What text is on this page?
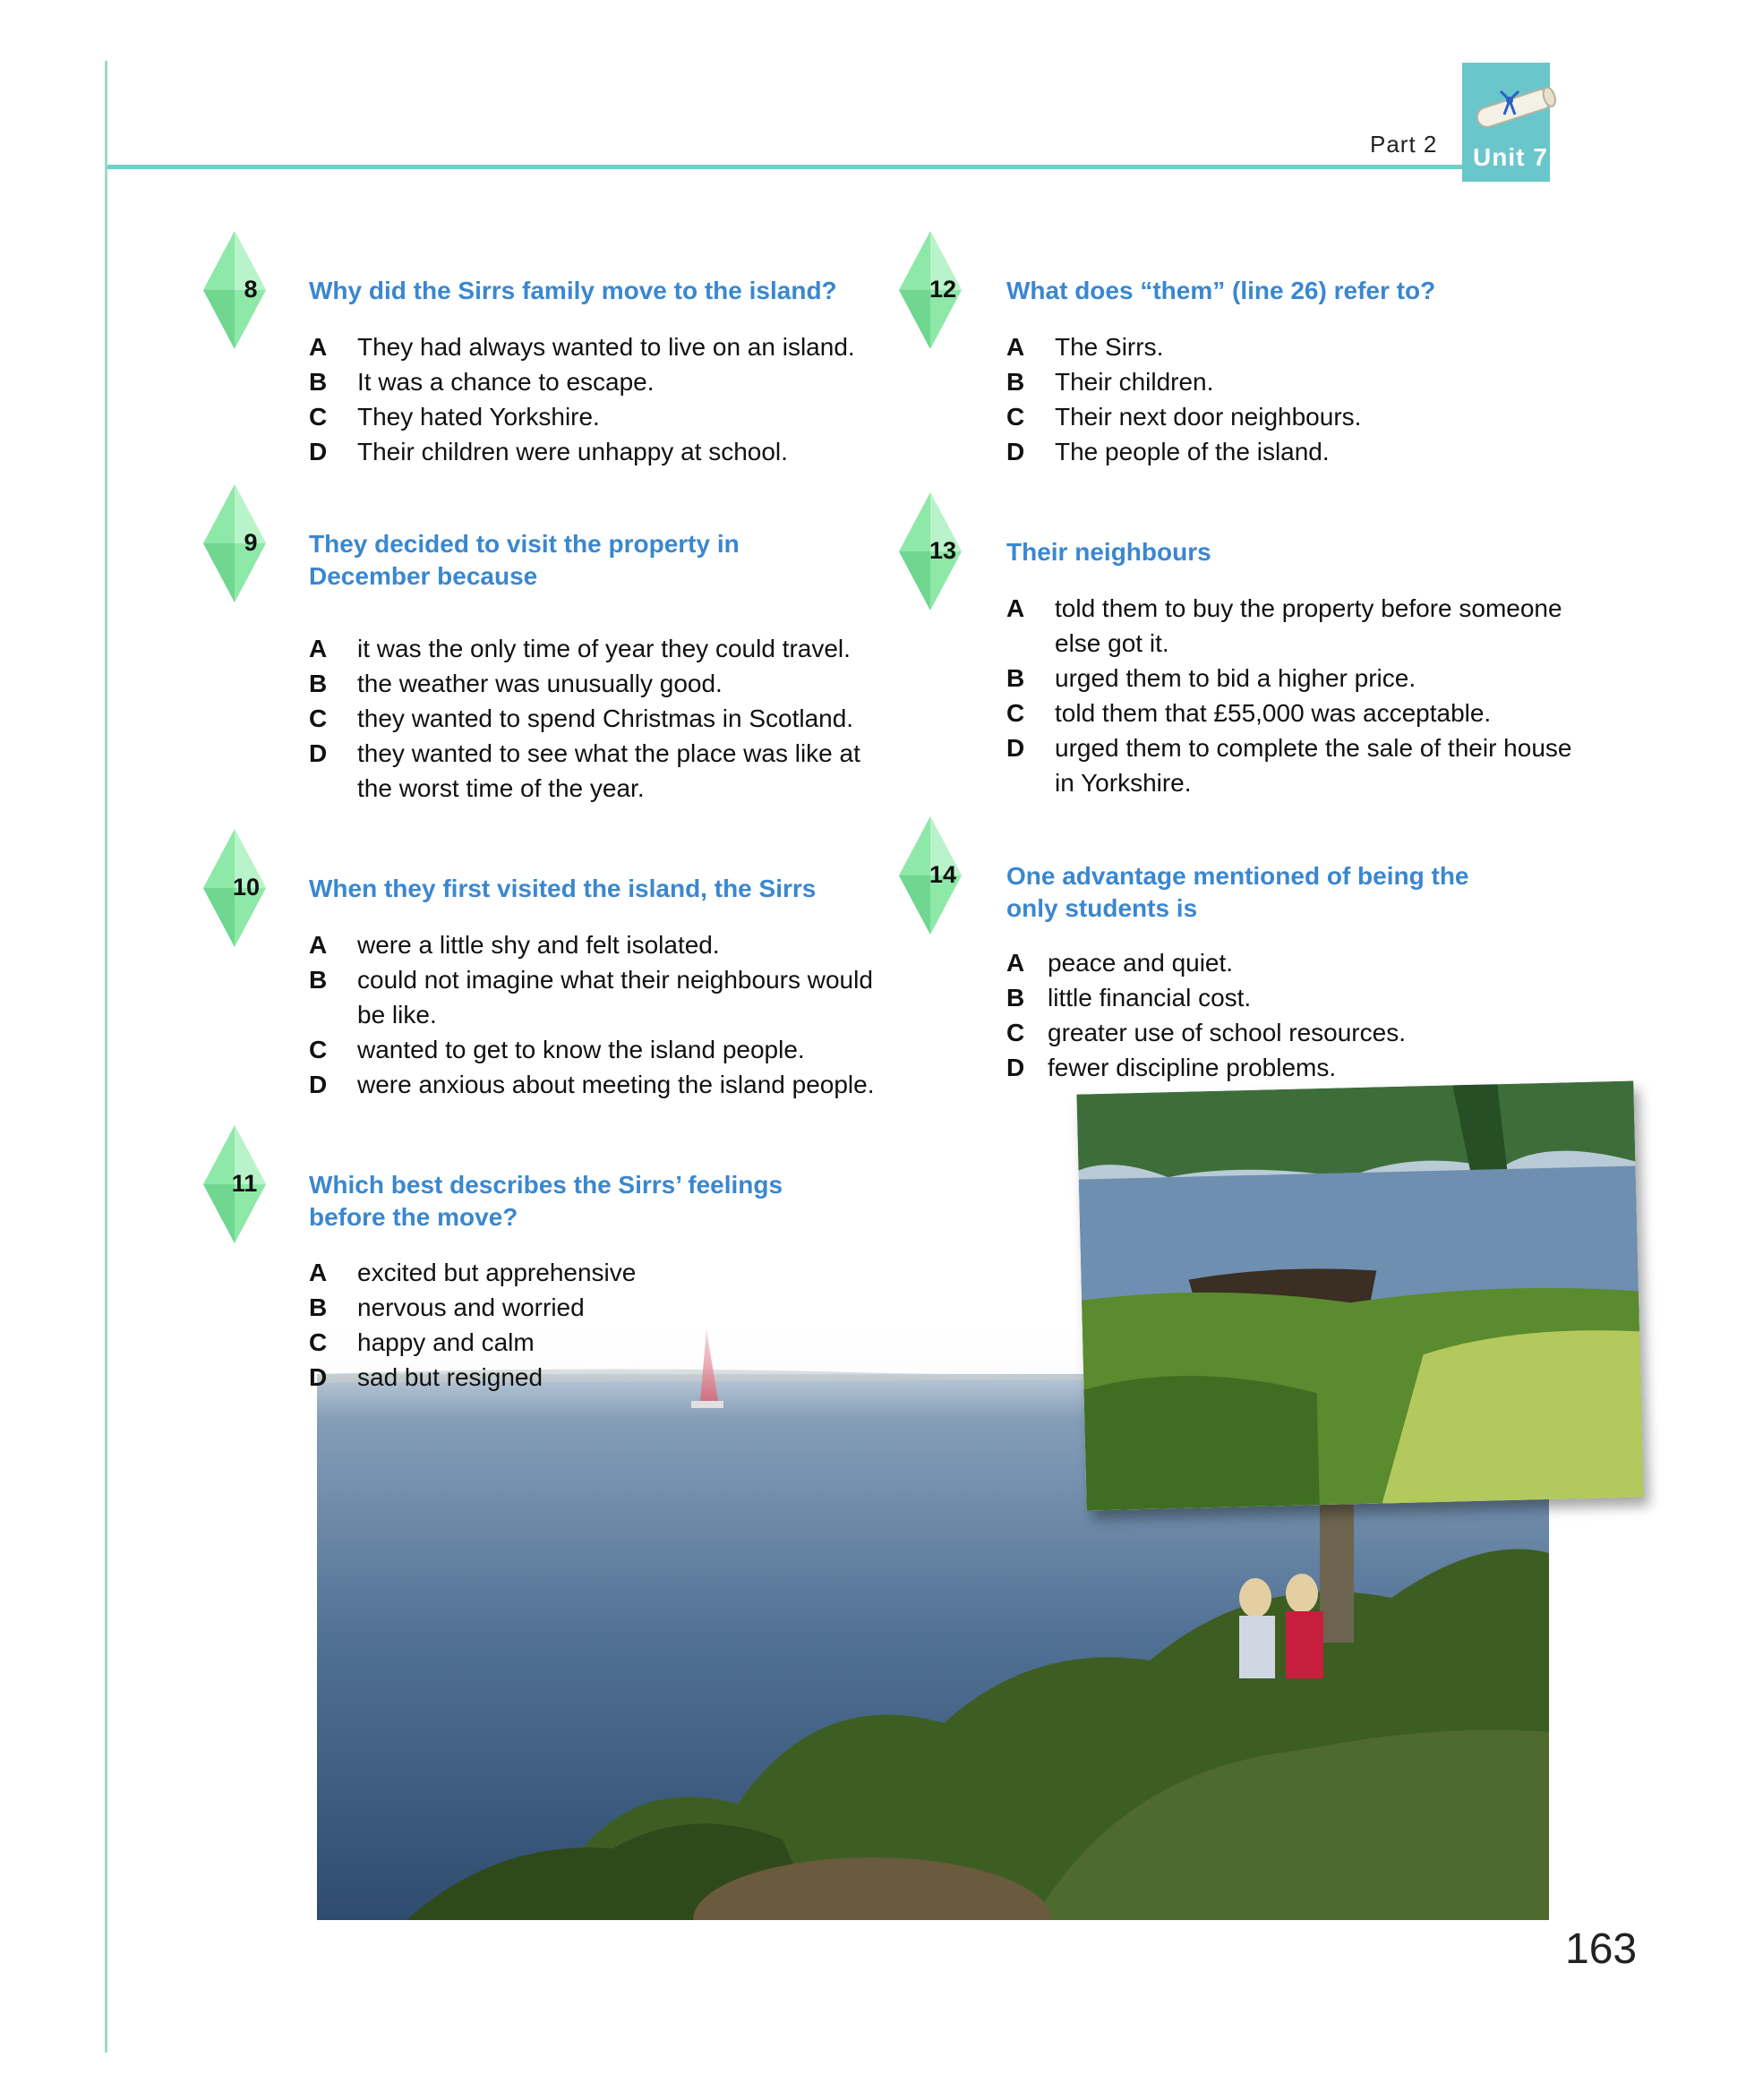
Part 2 Unit 7
8	Why did the Sirrs family move to the island?
A	They had always wanted to live on an island.
B	It was a chance to escape.
C	They hated Yorkshire.
D	Their children were unhappy at school.
9	They decided to visit the property in December because
A	it was the only time of year they could travel.
B	the weather was unusually good.
C	they wanted to spend Christmas in Scotland.
D	they wanted to see what the place was like at the worst time of the year.
10	When they first visited the island, the Sirrs
A	were a little shy and felt isolated.
B	could not imagine what their neighbours would be like.
C	wanted to get to know the island people.
D	were anxious about meeting the island people.
11	Which best describes the Sirrs’ feelings before the move?
A	excited but apprehensive
B	nervous and worried
C	happy and calm
D	sad but resigned
12	What does “them” (line 26) refer to?
A	The Sirrs.
B	Their children.
C	Their next door neighbours.
D	The people of the island.
13	Their neighbours
A	told them to buy the property before someone else got it.
B	urged them to bid a higher price.
C	told them that £55,000 was acceptable.
D	urged them to complete the sale of their house in Yorkshire.
14	One advantage mentioned of being the only students is
A peace and quiet.
B little financial cost.
C greater use of school resources.
D fewer discipline problems.
163
